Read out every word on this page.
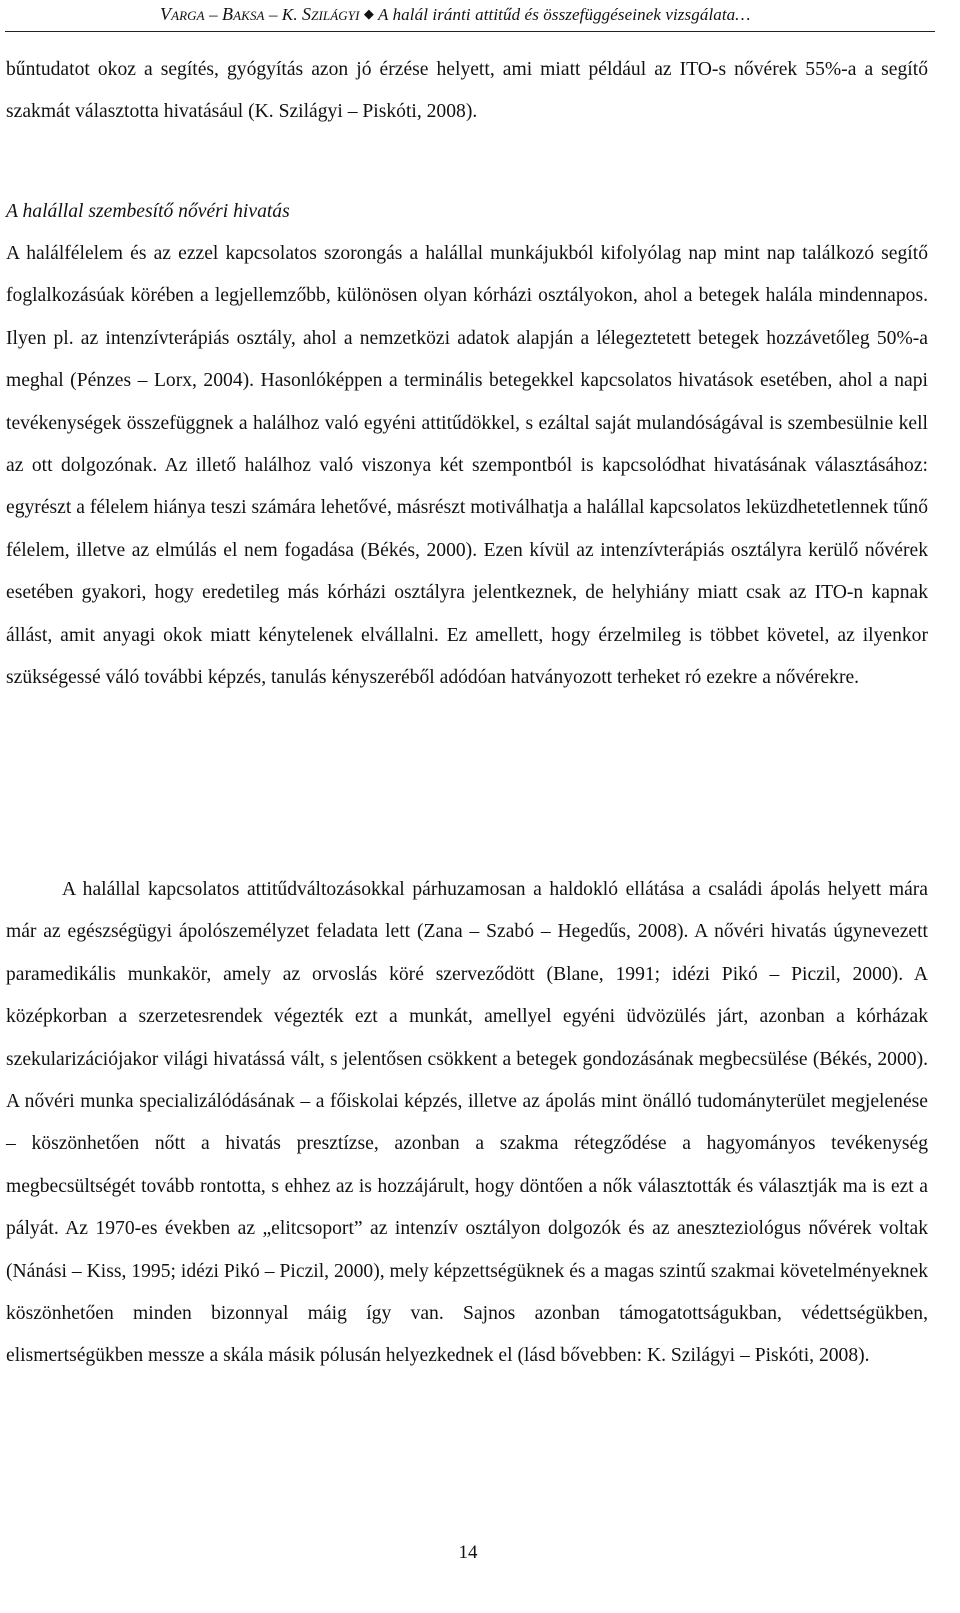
Varga – Baksa – K. Szilágyi ◆ A halál iránti attitűd és összefüggéseinek vizsgálata…

bűntudatot okoz a segítés, gyógyítás azon jó érzése helyett, ami miatt például az ITO-s nővérek 55%-a a segítő szakmát választotta hivatásául (K. Szilágyi – Piskóti, 2008).

A halállal szembesítő nővéri hivatás

A halálfélelem és az ezzel kapcsolatos szorongás a halállal munkájukból kifolyólag nap mint nap találkozó segítő foglalkozásúak körében a legjellemzőbb, különösen olyan kórházi osztályokon, ahol a betegek halála mindennapos. Ilyen pl. az intenzívterápiás osztály, ahol a nemzetközi adatok alapján a lélegeztetett betegek hozzávetőleg 50%-a meghal (Pénzes – Lorx, 2004). Hasonlóképpen a terminális betegekkel kapcsolatos hivatások esetében, ahol a napi tevékenységek összefüggnek a halálhoz való egyéni attitűdökkel, s ezáltal saját mulandóságával is szembesülnie kell az ott dolgozónak. Az illető halálhoz való viszonya két szempontból is kapcsolódhat hivatásának választásához: egyrészt a félelem hiánya teszi számára lehetővé, másrészt motiválhatja a halállal kapcsolatos leküzdhetetlennek tűnő félelem, illetve az elmúlás el nem fogadása (Békés, 2000). Ezen kívül az intenzívterápiás osztályra kerülő nővérek esetében gyakori, hogy eredetileg más kórházi osztályra jelentkeznek, de helyhiány miatt csak az ITO-n kapnak állást, amit anyagi okok miatt kénytelenek elvállalni. Ez amellett, hogy érzelmileg is többet követel, az ilyenkor szükségessé váló további képzés, tanulás kényszeréből adódóan hatványozott terheket ró ezekre a nővérekre.

A halállal kapcsolatos attitűdváltozásokkal párhuzamosan a haldokló ellátása a családi ápolás helyett mára már az egészségügyi ápolószemélyzet feladata lett (Zana – Szabó – Hegedűs, 2008). A nővéri hivatás úgynevezett paramedikális munkakör, amely az orvoslás köré szerveződött (Blane, 1991; idézi Pikó – Piczil, 2000). A középkorban a szerzetesrendek végezték ezt a munkát, amellyel egyéni üdvözülés járt, azonban a kórházak szekularizációjakor világi hivatássá vált, s jelentősen csökkent a betegek gondozásának megbecsülése (Békés, 2000). A nővéri munka specializálódásának – a főiskolai képzés, illetve az ápolás mint önálló tudományterület megjelenése – köszönhetően nőtt a hivatás presztízse, azonban a szakma rétegződése a hagyományos tevékenység megbecsültségét tovább rontotta, s ehhez az is hozzájárult, hogy döntően a nők választották és választják ma is ezt a pályát. Az 1970-es években az „elitcsoport” az intenzív osztályon dolgozók és az aneszteziológus nővérek voltak (Nánási – Kiss, 1995; idézi Pikó – Piczil, 2000), mely képzettségüknek és a magas szintű szakmai követelményeknek köszönhetően minden bizonnyal máig így van. Sajnos azonban támogatottságukban, védettségükben, elismertségükben messze a skála másik pólusán helyezkednek el (lásd bővebben: K. Szilágyi – Piskóti, 2008).

14
